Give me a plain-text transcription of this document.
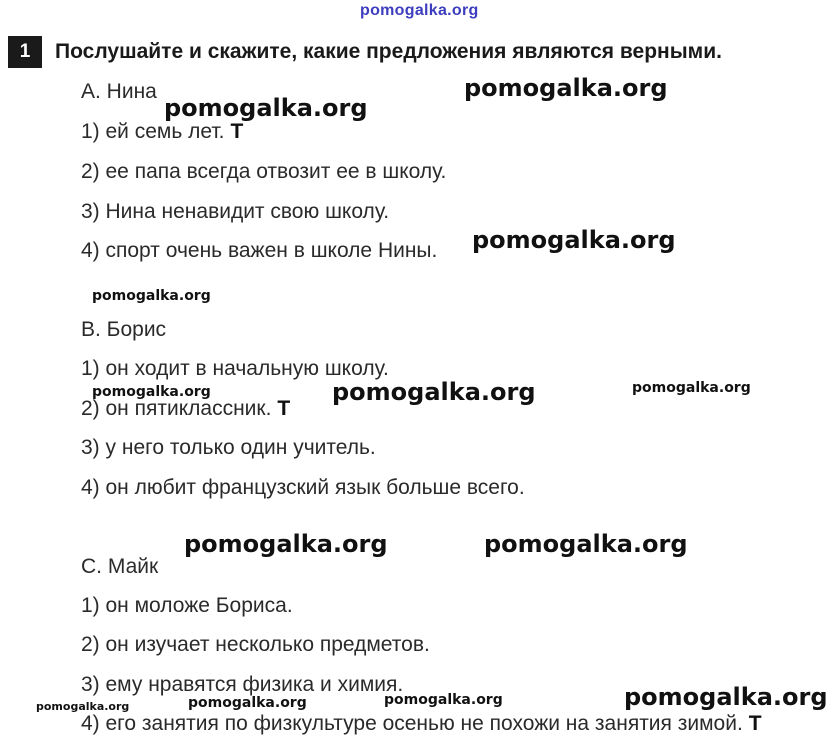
pomogalka.org
1	Послушайте и скажите, какие предложения являются верными.
A. Нина
1) ей семь лет. T
2) ее папа всегда отвозит ее в школу.
3) Нина ненавидит свою школу.
4) спорт очень важен в школе Нины.
B. Борис
1) он ходит в начальную школу.
2) он пятиклассник. T
3) у него только один учитель.
4) он любит французский язык больше всего.
C. Майк
1) он моложе Бориса.
2) он изучает несколько предметов.
3) ему нравятся физика и химия.
4) его занятия по физкультуре осенью не похожи на занятия зимой. T
pomogalka.org
pomogalka.org
pomogalka.org
pomogalka.org
pomogalka.org	pomogalka.org	pomogalka.org
pomogalka.org	pomogalka.org
pomogalka.org
pomogalka.org	pomogalka.org	pomogalka.org
